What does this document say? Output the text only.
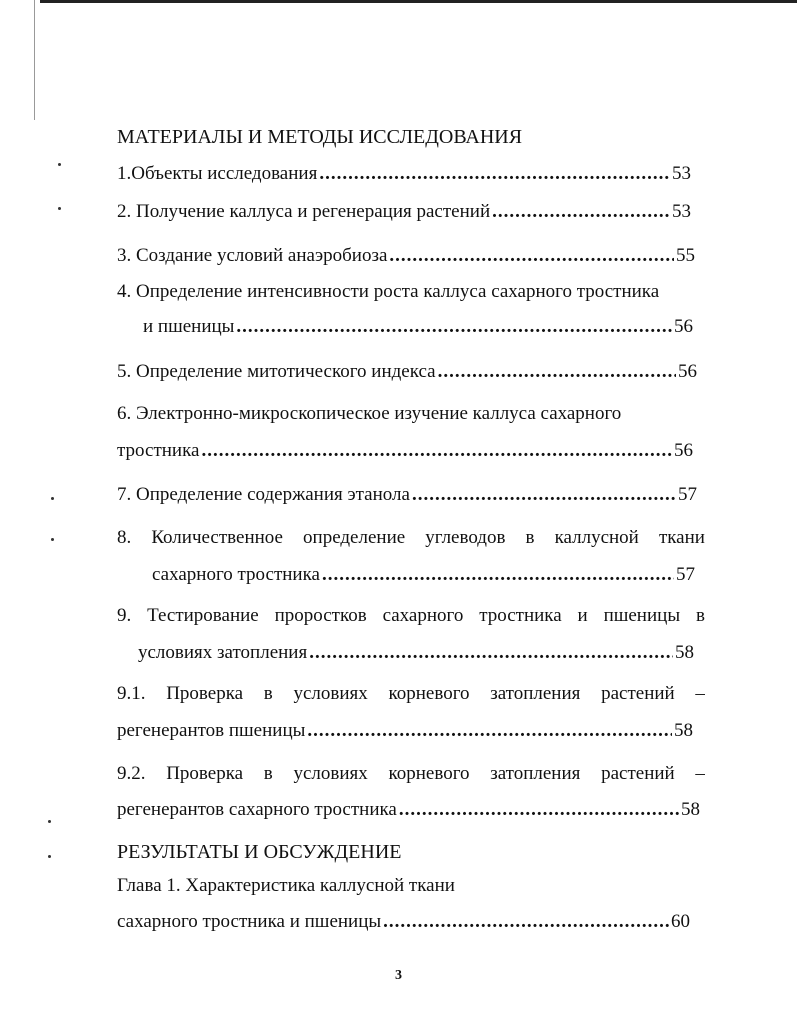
МАТЕРИАЛЫ И МЕТОДЫ ИССЛЕДОВАНИЯ
1.Объекты исследования .....	53
2. Получение каллуса и регенерация растений .....	53
3. Создание условий анаэробиоза .....	55
4. Определение интенсивности роста каллуса сахарного тростника
и пшеницы .....	56
5. Определение митотического индекса .....	56
6. Электронно-микроскопическое изучение каллуса сахарного
тростника .....	56
7. Определение содержания этанола .....	57
8. Количественное определение углеводов в каллусной ткани
сахарного тростника .....	57
9. Тестирование проростков сахарного тростника и пшеницы в
условиях затопления .....	58
9.1. Проверка в условиях корневого затопления растений –
регенерантов пшеницы .....	58
9.2. Проверка в условиях корневого затопления растений –
регенерантов сахарного тростника .....	58
РЕЗУЛЬТАТЫ И ОБСУЖДЕНИЕ
Глава 1. Характеристика каллусной ткани
сахарного тростника и пшеницы .....	60
3
